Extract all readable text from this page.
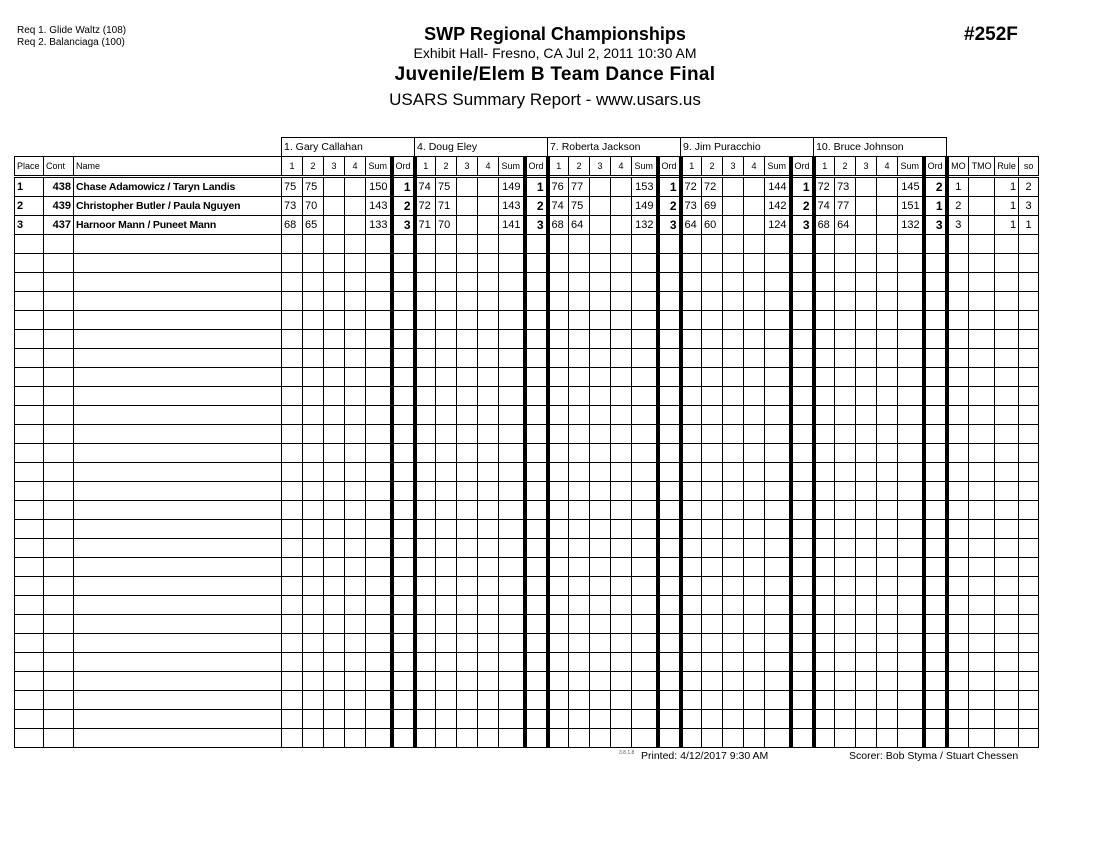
Req 1. Glide Waltz (108)
Req 2. Balanciaga (100)	SWP Regional Championships
Exhibit Hall- Fresno, CA Jul 2, 2011 10:30 AM
Juvenile/Elem B Team Dance Final
USARS Summary Report - www.usars.us
#252F
			1. Gary Callahan						4. Doug Eley						7. Roberta Jackson						9. Jim Puracchio						10. Bruce Johnson									
Place	Cont	Name	1	2	3	4	Sum	Ord	1	2	3	4	Sum	Ord	1	2	3	4	Sum	Ord	1	2	3	4	Sum	Ord	1	2	3	4	Sum	Ord	MO	TMO	Rule	so
1	438	Chase Adamowicz / Taryn Landis	75	75			150	1	74	75			149	1	76	77			153	1	72	72			144	1	72	73			145	2	1		1	2
2	439	Christopher Butler / Paula Nguyen	73	70			143	2	72	71			143	2	74	75			149	2	73	69			142	2	74	77			151	1	2		1	3
3	437	Harnoor Mann / Puneet Mann	68	65			133	3	71	70			141	3	68	64			132	3	64	60			124	3	68	64			132	3	3		1	1

3.8.1.8 Printed: 4/12/2017 9:30 AM	Scorer: Bob Styma / Stuart Chessen
